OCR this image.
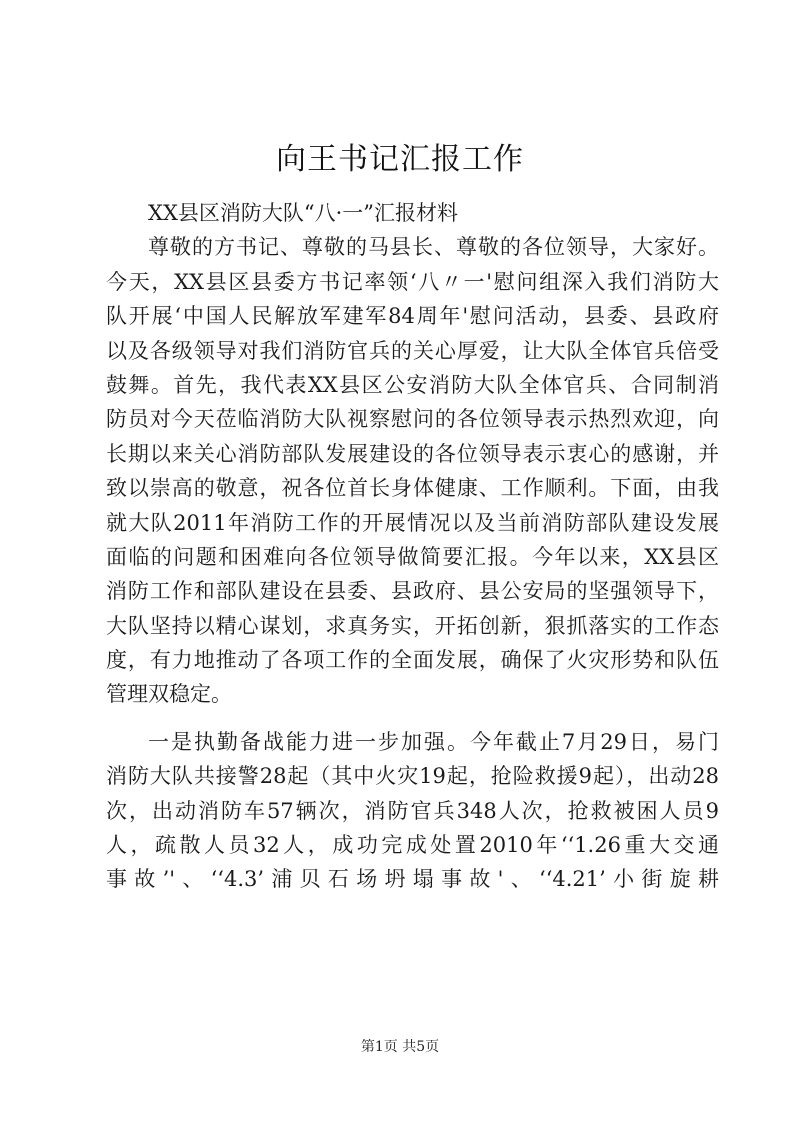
向王书记汇报工作
XX县区消防大队“八·一”汇报材料
尊敬的方书记、尊敬的马县长、尊敬的各位领导，大家好。
今天，XX县区县委方书记率领‘八〃一'慰问组深入我们消防大
队开展‘中国人民解放军建军84周年'慰问活动，县委、县政府
以及各级领导对我们消防官兵的关心厚爱，让大队全体官兵倍受
鼓舞。首先，我代表XX县区公安消防大队全体官兵、合同制消
防员对今天莅临消防大队视察慰问的各位领导表示热烈欢迎，向
长期以来关心消防部队发展建设的各位领导表示衷心的感谢，并
致以崇高的敬意，祝各位首长身体健康、工作顺利。下面，由我
就大队2011年消防工作的开展情况以及当前消防部队建设发展
面临的问题和困难向各位领导做简要汇报。今年以来，XX县区
消防工作和部队建设在县委、县政府、县公安局的坚强领导下，
大队坚持以精心谋划，求真务实，开拓创新，狠抓落实的工作态
度，有力地推动了各项工作的全面发展，确保了火灾形势和队伍
管理双稳定。
一是执勤备战能力进一步加强。今年截止7月29日，易门
消防大队共接警28起（其中火灾19起，抢险救援9起），出动28
次，出动消防车57辆次，消防官兵348人次，抢救被困人员9
人，疏散人员32人，成功完成处置2010年‘‘1.26重大交通
事故’'、‘‘4.3’浦贝石场坍塌事故'、‘‘4.21’小街旋耕
第1页 共5页
